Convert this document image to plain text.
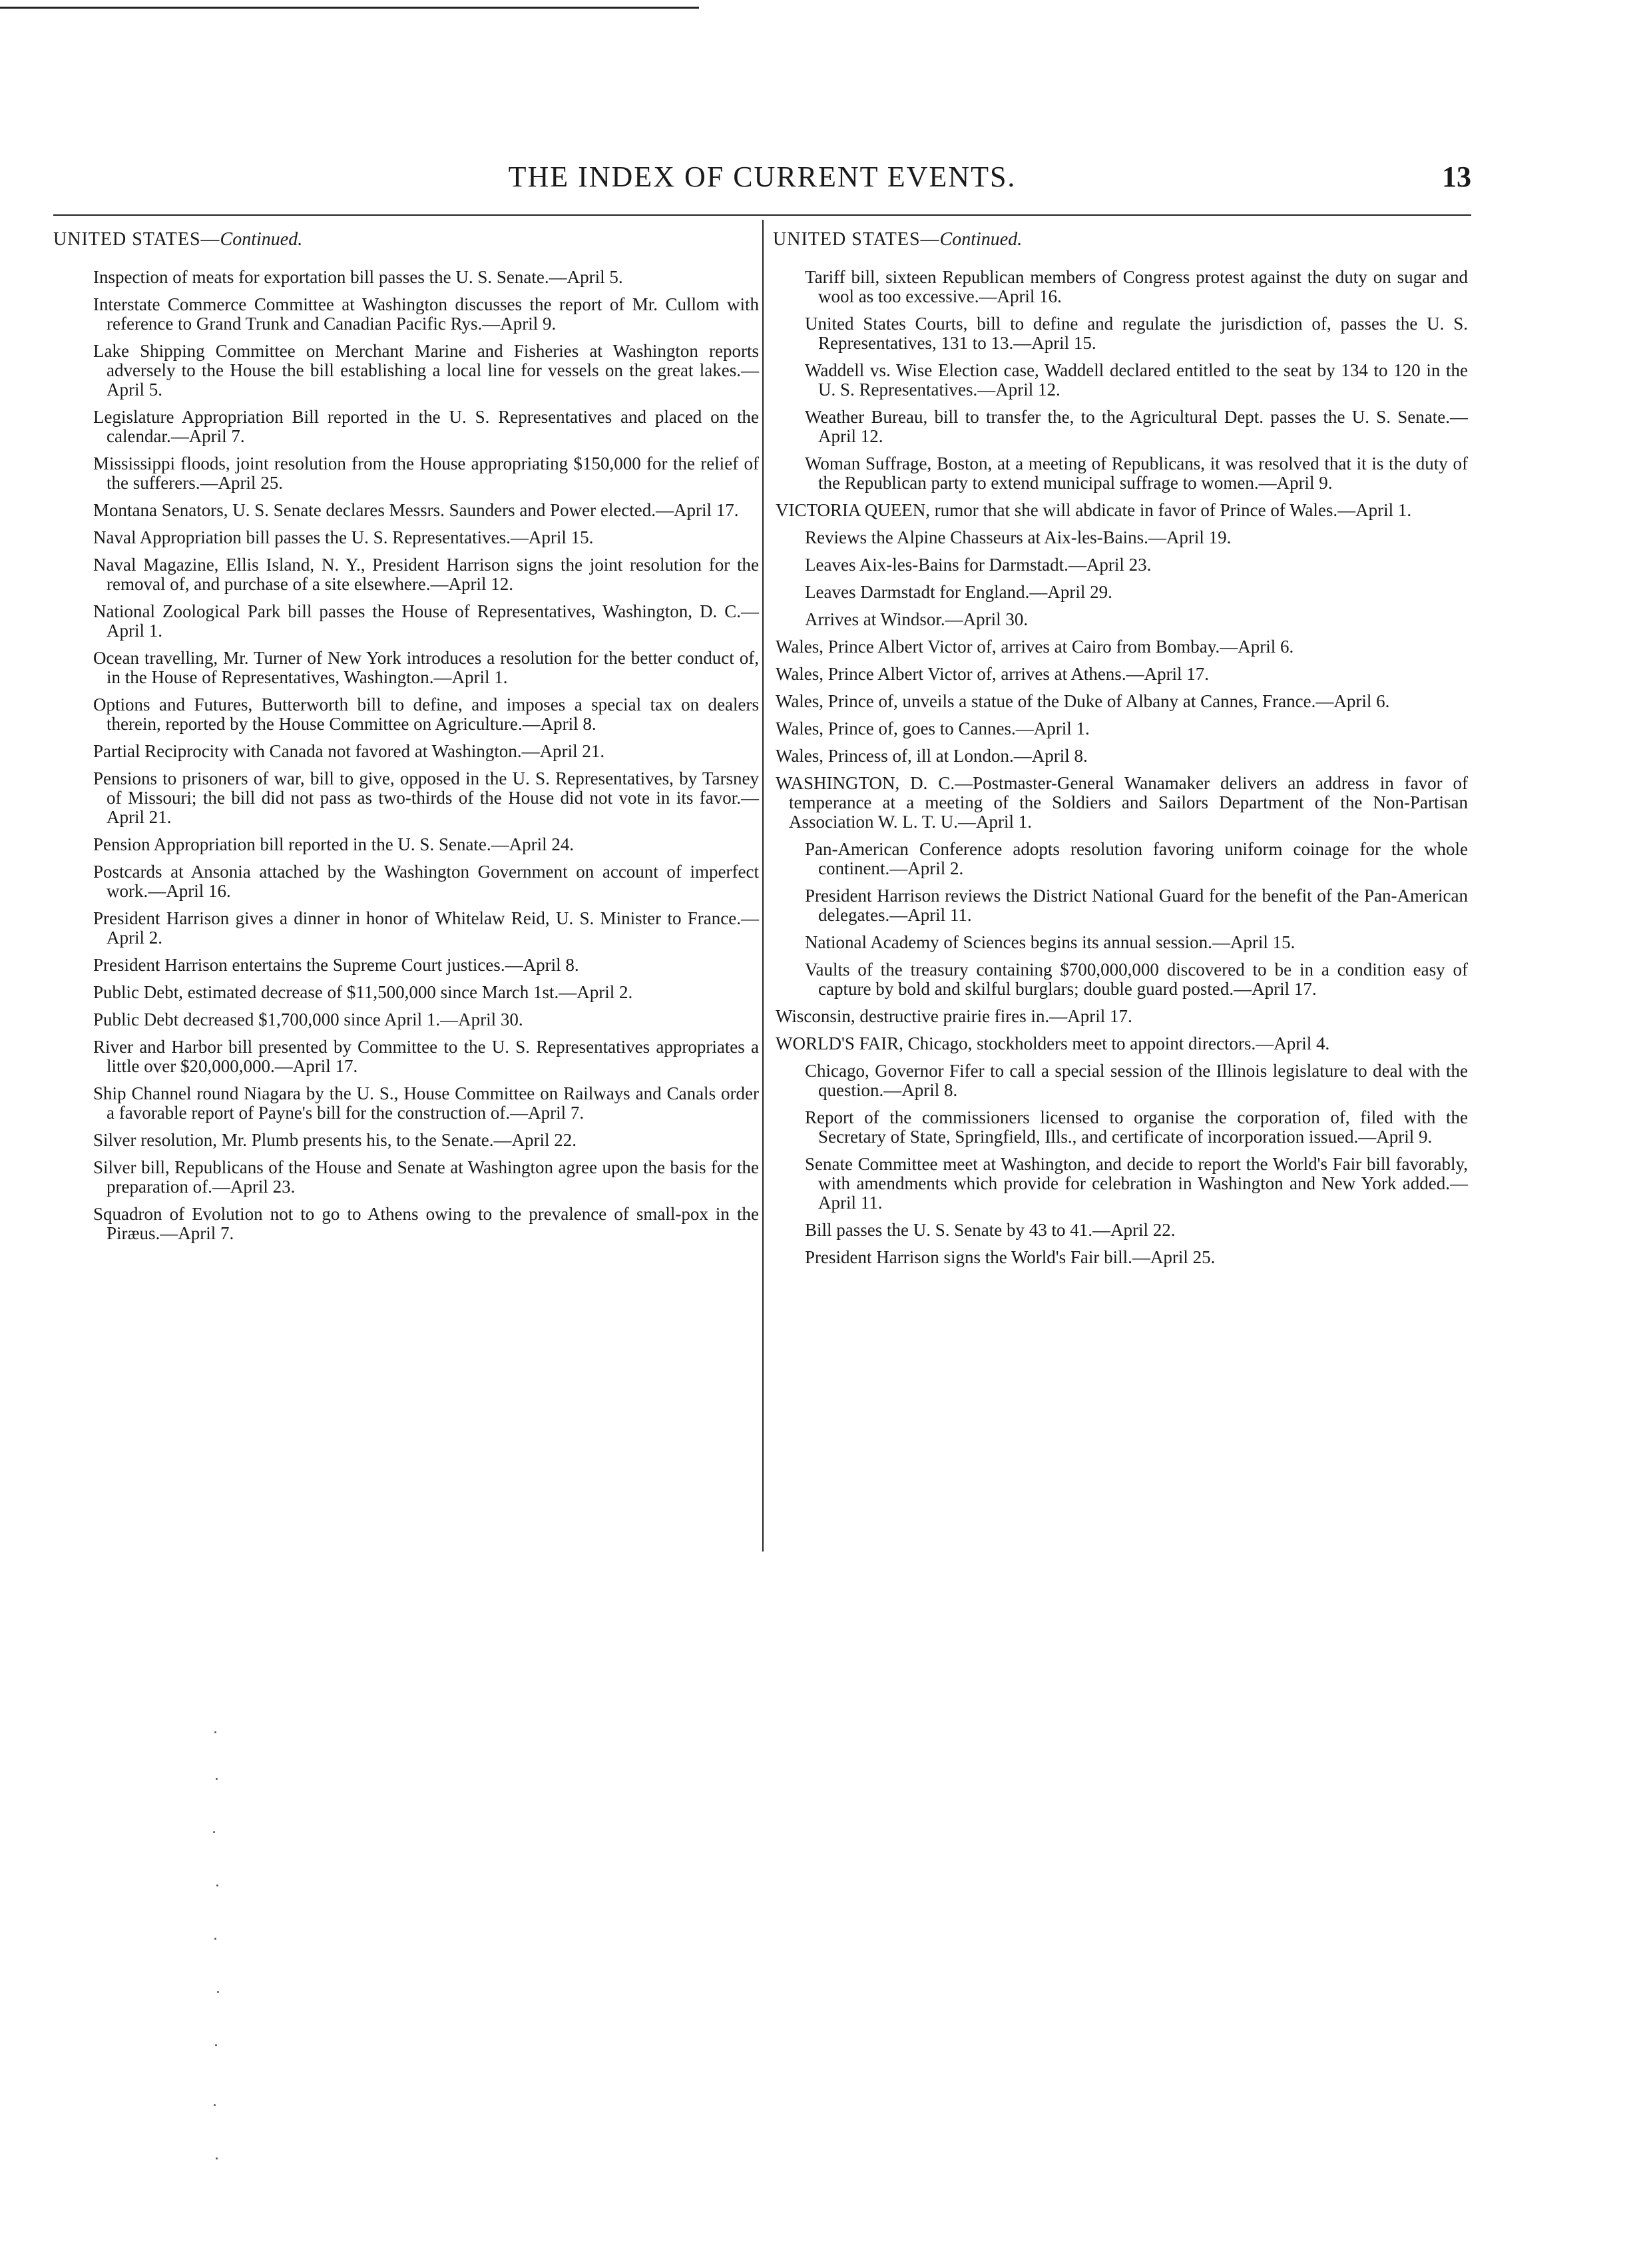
THE INDEX OF CURRENT EVENTS.	13
UNITED STATES—Continued.
Inspection of meats for exportation bill passes the U. S. Senate.—April 5.
Interstate Commerce Committee at Washington discusses the report of Mr. Cullom with reference to Grand Trunk and Canadian Pacific Rys.—April 9.
Lake Shipping Committee on Merchant Marine and Fisheries at Washington reports adversely to the House the bill establishing a local line for vessels on the great lakes.—April 5.
Legislature Appropriation Bill reported in the U. S. Representatives and placed on the calendar.—April 7.
Mississippi floods, joint resolution from the House appropriating $150,000 for the relief of the sufferers.—April 25.
Montana Senators, U. S. Senate declares Messrs. Saunders and Power elected.—April 17.
Naval Appropriation bill passes the U. S. Representatives.—April 15.
Naval Magazine, Ellis Island, N. Y., President Harrison signs the joint resolution for the removal of, and purchase of a site elsewhere.—April 12.
National Zoological Park bill passes the House of Representatives, Washington, D. C.—April 1.
Ocean travelling, Mr. Turner of New York introduces a resolution for the better conduct of, in the House of Representatives, Washington.—April 1.
Options and Futures, Butterworth bill to define, and imposes a special tax on dealers therein, reported by the House Committee on Agriculture.—April 8.
Partial Reciprocity with Canada not favored at Washington.—April 21.
Pensions to prisoners of war, bill to give, opposed in the U. S. Representatives, by Tarsney of Missouri; the bill did not pass as two-thirds of the House did not vote in its favor.—April 21.
Pension Appropriation bill reported in the U. S. Senate.—April 24.
Postcards at Ansonia attached by the Washington Government on account of imperfect work.—April 16.
President Harrison gives a dinner in honor of Whitelaw Reid, U. S. Minister to France.—April 2.
President Harrison entertains the Supreme Court justices.—April 8.
Public Debt, estimated decrease of $11,500,000 since March 1st.—April 2.
Public Debt decreased $1,700,000 since April 1.—April 30.
River and Harbor bill presented by Committee to the U. S. Representatives appropriates a little over $20,000,000.—April 17.
Ship Channel round Niagara by the U. S., House Committee on Railways and Canals order a favorable report of Payne's bill for the construction of.—April 7.
Silver resolution, Mr. Plumb presents his, to the Senate.—April 22.
Silver bill, Republicans of the House and Senate at Washington agree upon the basis for the preparation of.—April 23.
Squadron of Evolution not to go to Athens owing to the prevalence of small-pox in the Piræus.—April 7.
UNITED STATES—Continued.
Tariff bill, sixteen Republican members of Congress protest against the duty on sugar and wool as too excessive.—April 16.
United States Courts, bill to define and regulate the jurisdiction of, passes the U. S. Representatives, 131 to 13.—April 15.
Waddell vs. Wise Election case, Waddell declared entitled to the seat by 134 to 120 in the U. S. Representatives.—April 12.
Weather Bureau, bill to transfer the, to the Agricultural Dept. passes the U. S. Senate.—April 12.
Woman Suffrage, Boston, at a meeting of Republicans, it was resolved that it is the duty of the Republican party to extend municipal suffrage to women.—April 9.
VICTORIA QUEEN, rumor that she will abdicate in favor of Prince of Wales.—April 1.
Reviews the Alpine Chasseurs at Aix-les-Bains.—April 19.
Leaves Aix-les-Bains for Darmstadt.—April 23.
Leaves Darmstadt for England.—April 29.
Arrives at Windsor.—April 30.
Wales, Prince Albert Victor of, arrives at Cairo from Bombay.—April 6.
Wales, Prince Albert Victor of, arrives at Athens.—April 17.
Wales, Prince of, unveils a statue of the Duke of Albany at Cannes, France.—April 6.
Wales, Prince of, goes to Cannes.—April 1.
Wales, Princess of, ill at London.—April 8.
WASHINGTON, D. C.—Postmaster-General Wanamaker delivers an address in favor of temperance at a meeting of the Soldiers and Sailors Department of the Non-Partisan Association W. L. T. U.—April 1.
Pan-American Conference adopts resolution favoring uniform coinage for the whole continent.—April 2.
President Harrison reviews the District National Guard for the benefit of the Pan-American delegates.—April 11.
National Academy of Sciences begins its annual session.—April 15.
Vaults of the treasury containing $700,000,000 discovered to be in a condition easy of capture by bold and skilful burglars; double guard posted.—April 17.
Wisconsin, destructive prairie fires in.—April 17.
WORLD'S FAIR, Chicago, stockholders meet to appoint directors.—April 4.
Chicago, Governor Fifer to call a special session of the Illinois legislature to deal with the question.—April 8.
Report of the commissioners licensed to organise the corporation of, filed with the Secretary of State, Springfield, Ills., and certificate of incorporation issued.—April 9.
Senate Committee meet at Washington, and decide to report the World's Fair bill favorably, with amendments which provide for celebration in Washington and New York added.—April 11.
Bill passes the U. S. Senate by 43 to 41.—April 22.
President Harrison signs the World's Fair bill.—April 25.
